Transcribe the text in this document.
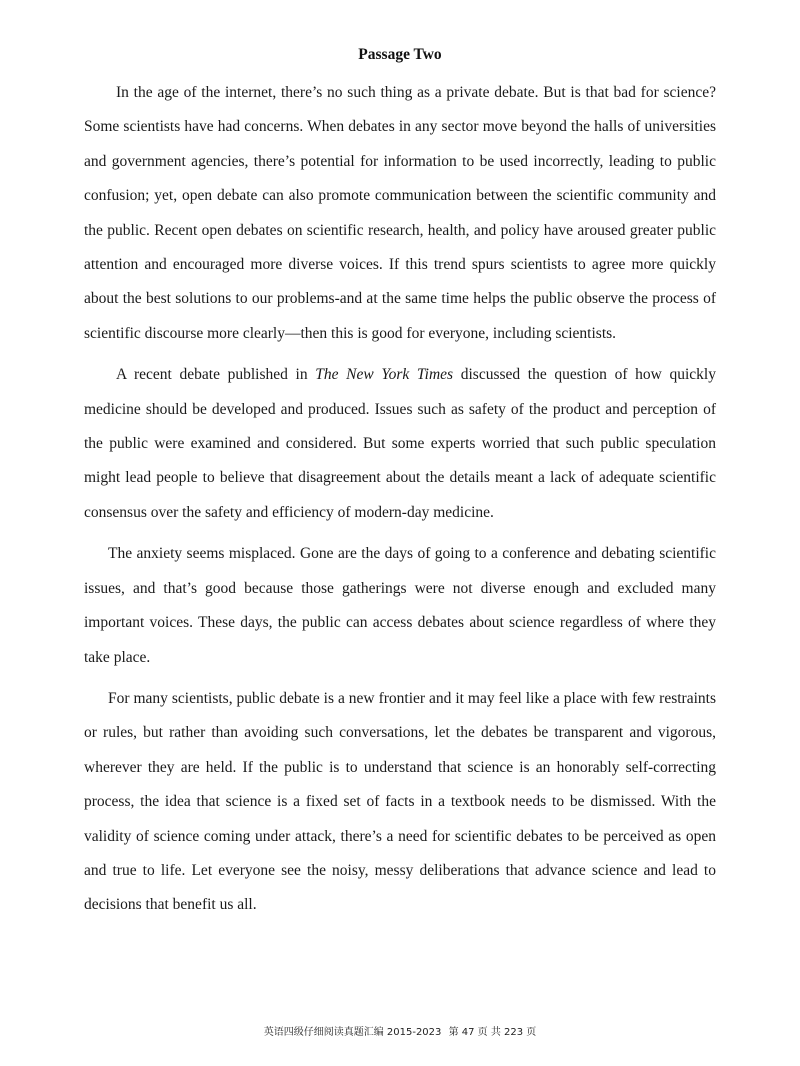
Passage Two

In the age of the internet, there’s no such thing as a private debate. But is that bad for science? Some scientists have had concerns. When debates in any sector move beyond the halls of universities and government agencies, there’s potential for information to be used incorrectly, leading to public confusion; yet, open debate can also promote communication between the scientific community and the public. Recent open debates on scientific research, health, and policy have aroused greater public attention and encouraged more diverse voices. If this trend spurs scientists to agree more quickly about the best solutions to our problems-and at the same time helps the public observe the process of scientific discourse more clearly—then this is good for everyone, including scientists.

A recent debate published in The New York Times discussed the question of how quickly medicine should be developed and produced. Issues such as safety of the product and perception of the public were examined and considered. But some experts worried that such public speculation might lead people to believe that disagreement about the details meant a lack of adequate scientific consensus over the safety and efficiency of modern-day medicine.

The anxiety seems misplaced. Gone are the days of going to a conference and debating scientific issues, and that’s good because those gatherings were not diverse enough and excluded many important voices. These days, the public can access debates about science regardless of where they take place.

For many scientists, public debate is a new frontier and it may feel like a place with few restraints or rules, but rather than avoiding such conversations, let the debates be transparent and vigorous, wherever they are held. If the public is to understand that science is an honorably self-correcting process, the idea that science is a fixed set of facts in a textbook needs to be dismissed. With the validity of science coming under attack, there’s a need for scientific debates to be perceived as open and true to life. Let everyone see the noisy, messy deliberations that advance science and lead to decisions that benefit us all.

英语四级仔细阅读真题汇编 2015-2023 第 47 页 共 223 页
